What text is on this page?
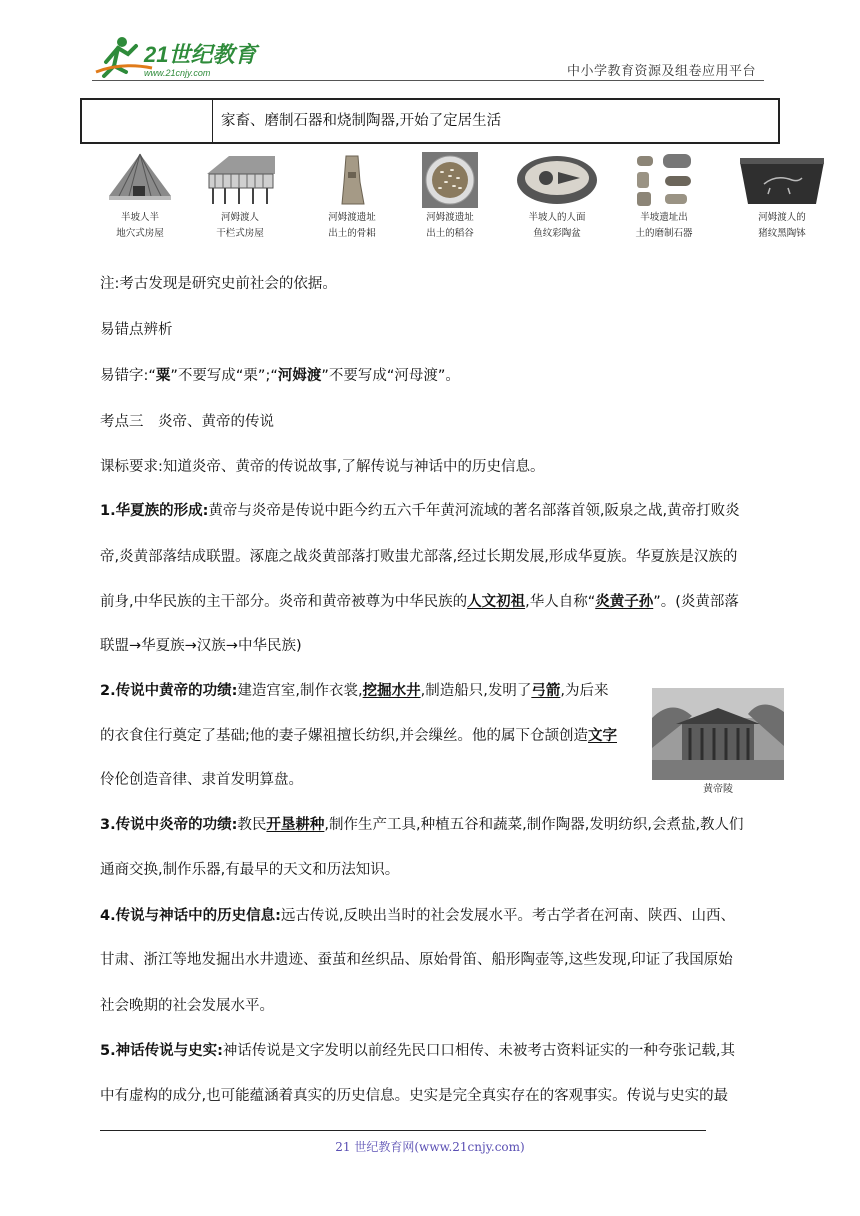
21世纪教育
www.21cnjy.com	中小学教育资源及组卷应用平台
家畜、磨制石器和烧制陶器,开始了定居生活
半坡人半
地穴式房屋
河姆渡人
干栏式房屋
河姆渡遗址
出土的骨耜
河姆渡遗址
出土的稻谷
半坡人的人面
鱼纹彩陶盆
半坡遗址出
土的磨制石器
河姆渡人的
猪纹黑陶钵
注:考古发现是研究史前社会的依据。
易错点辨析
易错字:“粟”不要写成“栗”;“河姆渡”不要写成“河母渡”。
考点三　炎帝、黄帝的传说
课标要求:知道炎帝、黄帝的传说故事,了解传说与神话中的历史信息。
1.华夏族的形成:黄帝与炎帝是传说中距今约五六千年黄河流域的著名部落首领,阪泉之战,黄帝打败炎
帝,炎黄部落结成联盟。涿鹿之战炎黄部落打败蚩尤部落,经过长期发展,形成华夏族。华夏族是汉族的
前身,中华民族的主干部分。炎帝和黄帝被尊为中华民族的人文初祖,华人自称“炎黄子孙”。(炎黄部落
联盟→华夏族→汉族→中华民族)
2.传说中黄帝的功绩:建造宫室,制作衣裳,挖掘水井,制造船只,发明了弓箭,为后来
的衣食住行奠定了基础;他的妻子嫘祖擅长纺织,并会缫丝。他的属下仓颉创造文字
伶伦创造音律、隶首发明算盘。
黄帝陵
3.传说中炎帝的功绩:教民开垦耕种,制作生产工具,种植五谷和蔬菜,制作陶器,发明纺织,会煮盐,教人们
通商交换,制作乐器,有最早的天文和历法知识。
4.传说与神话中的历史信息:远古传说,反映出当时的社会发展水平。考古学者在河南、陕西、山西、
甘肃、浙江等地发掘出水井遗迹、蚕茧和丝织品、原始骨笛、船形陶壶等,这些发现,印证了我国原始
社会晚期的社会发展水平。
5.神话传说与史实:神话传说是文字发明以前经先民口口相传、未被考古资料证实的一种夸张记载,其
中有虚构的成分,也可能蕴涵着真实的历史信息。史实是完全真实存在的客观事实。传说与史实的最
21 世纪教育网(www.21cnjy.com)
